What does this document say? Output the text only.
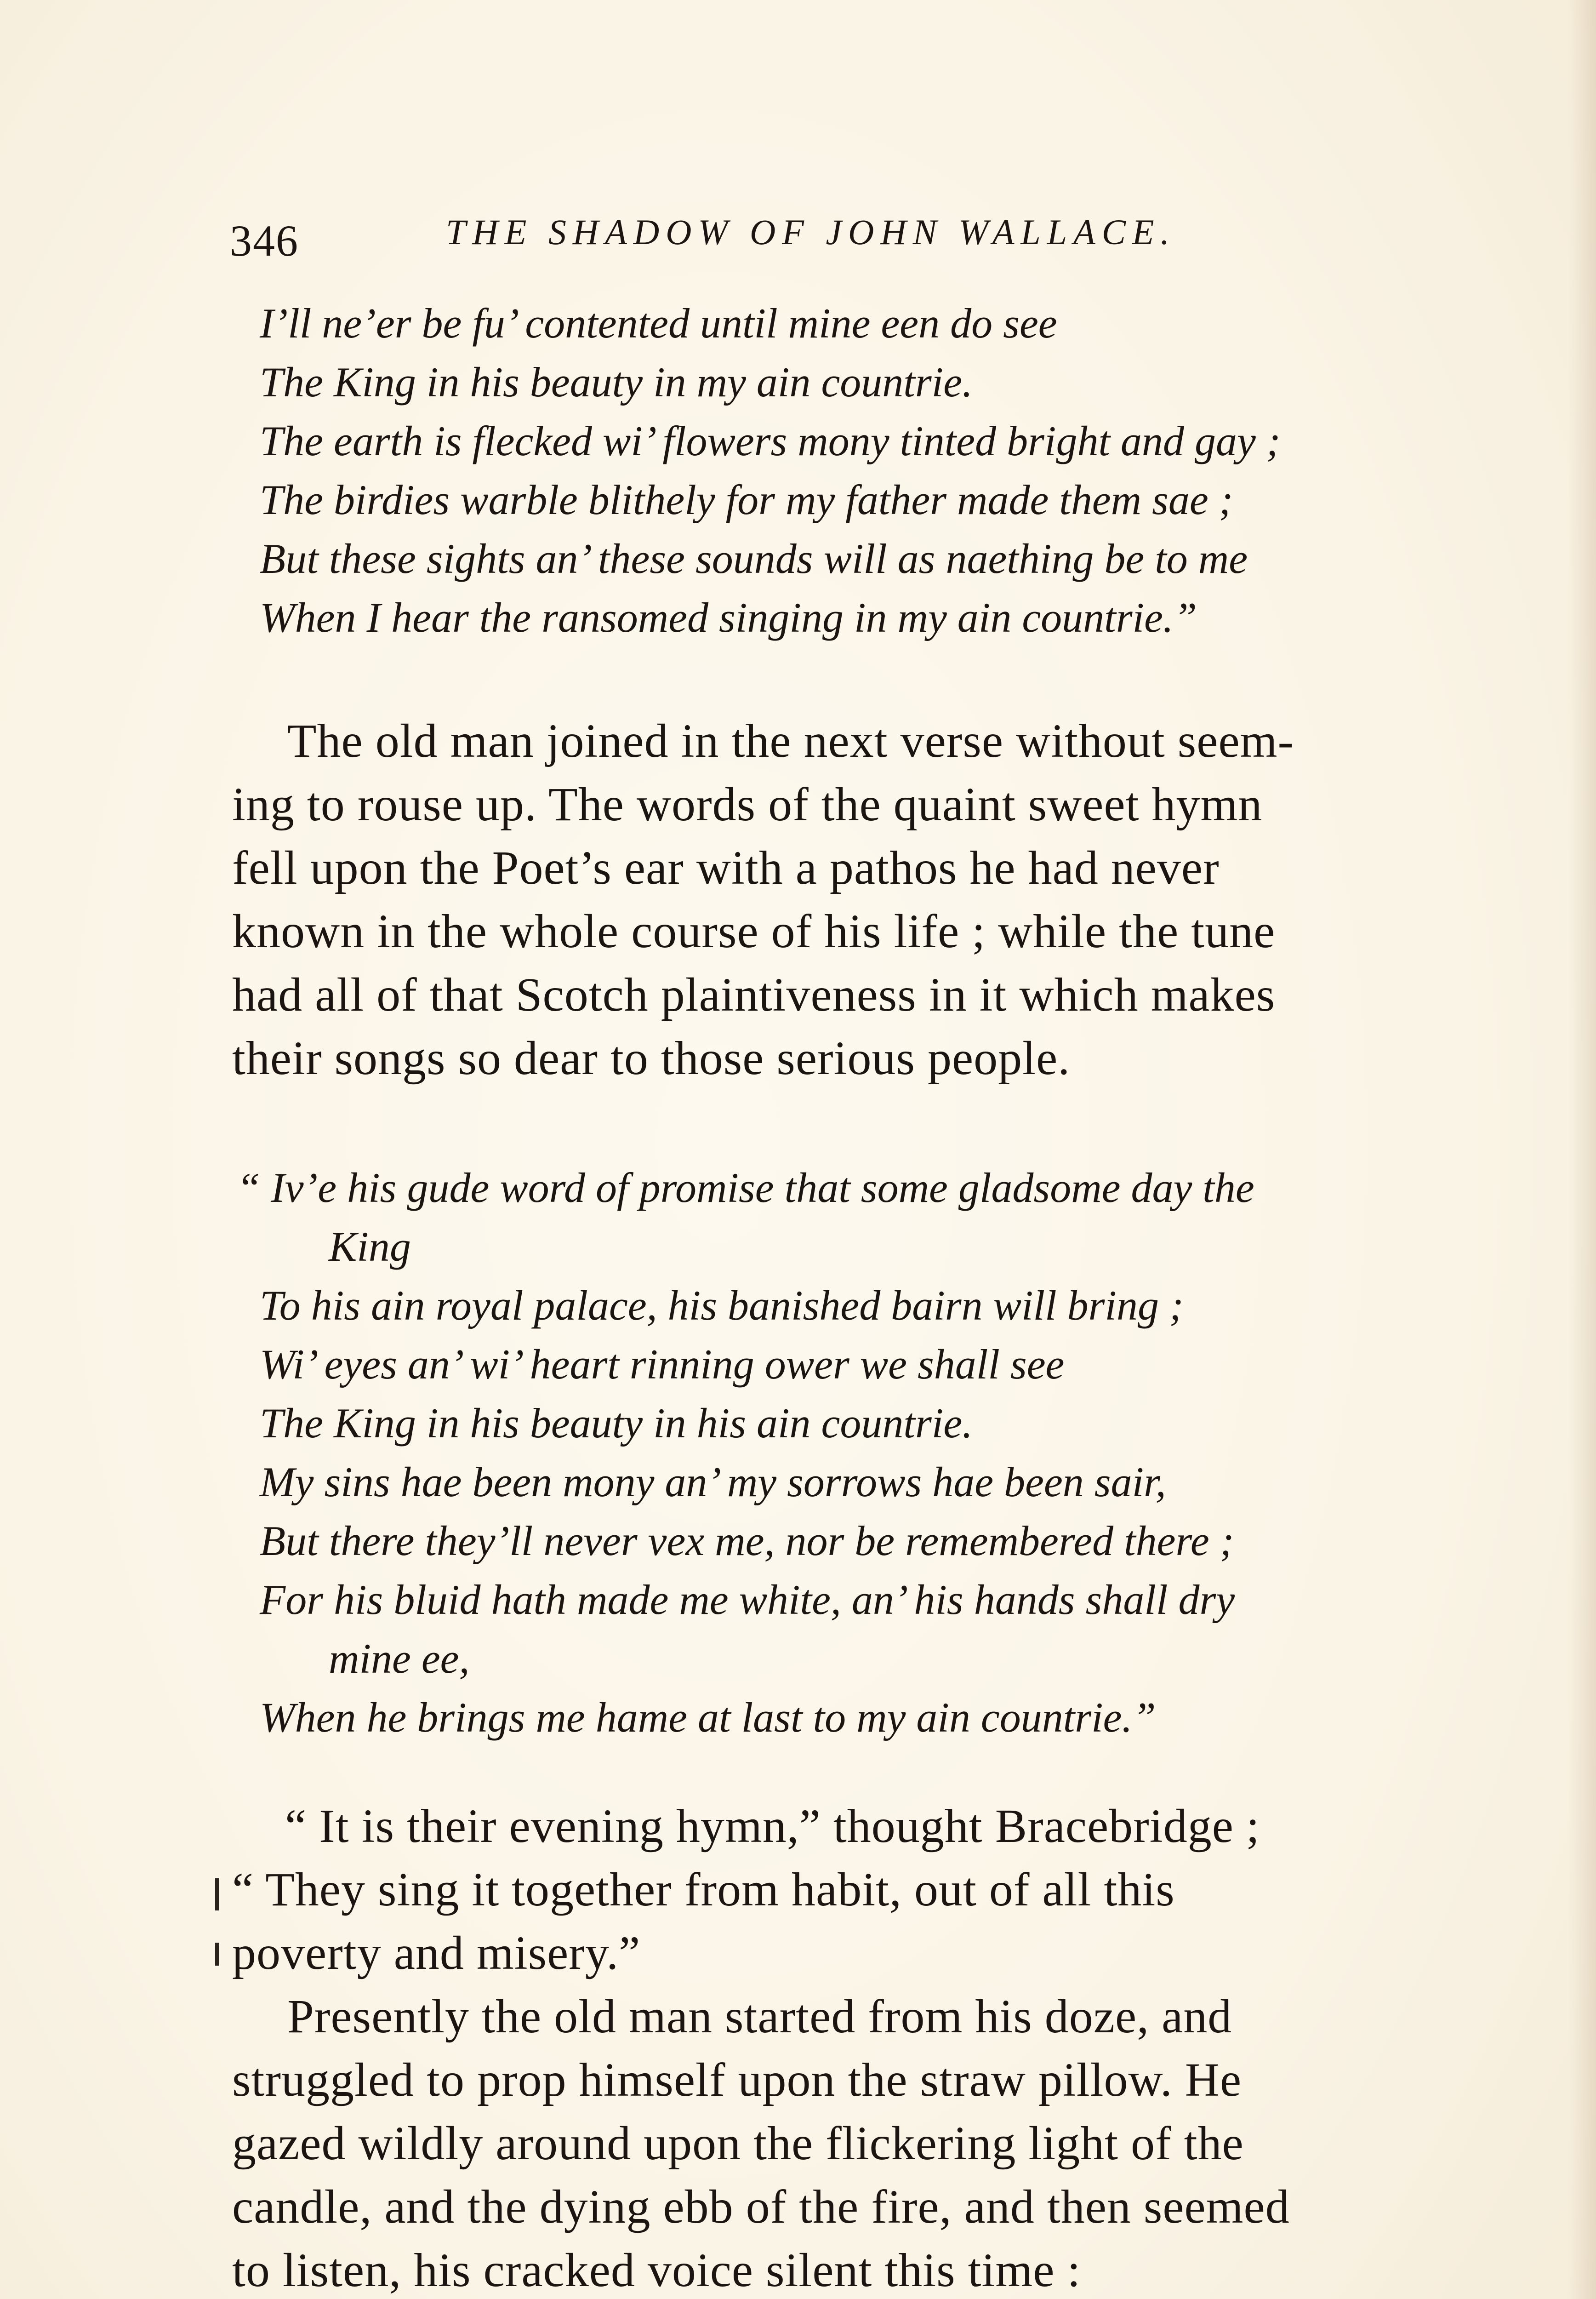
346	THE SHADOW OF JOHN WALLACE.
I’ll ne’er be fu’ contented until mine een do see
The King in his beauty in my ain countrie.
The earth is flecked wi’ flowers mony tinted bright and gay ;
The birdies warble blithely for my father made them sae ;
But these sights an’ these sounds will as naething be to me
When I hear the ransomed singing in my ain countrie.”
The old man joined in the next verse without seem-
ing to rouse up. The words of the quaint sweet hymn
fell upon the Poet’s ear with a pathos he had never
known in the whole course of his life ; while the tune
had all of that Scotch plaintiveness in it which makes
their songs so dear to those serious people.
“ Iv’e his gude word of promise that some gladsome day the
King
To his ain royal palace, his banished bairn will bring ;
Wi’ eyes an’ wi’ heart rinning ower we shall see
The King in his beauty in his ain countrie.
My sins hae been mony an’ my sorrows hae been sair,
But there they’ll never vex me, nor be remembered there ;
For his bluid hath made me white, an’ his hands shall dry
mine ee,
When he brings me hame at last to my ain countrie.”
“ It is their evening hymn,” thought Bracebridge ;
“ They sing it together from habit, out of all this
poverty and misery.”
Presently the old man started from his doze, and
struggled to prop himself upon the straw pillow. He
gazed wildly around upon the flickering light of the
candle, and the dying ebb of the fire, and then seemed
to listen, his cracked voice silent this time :
